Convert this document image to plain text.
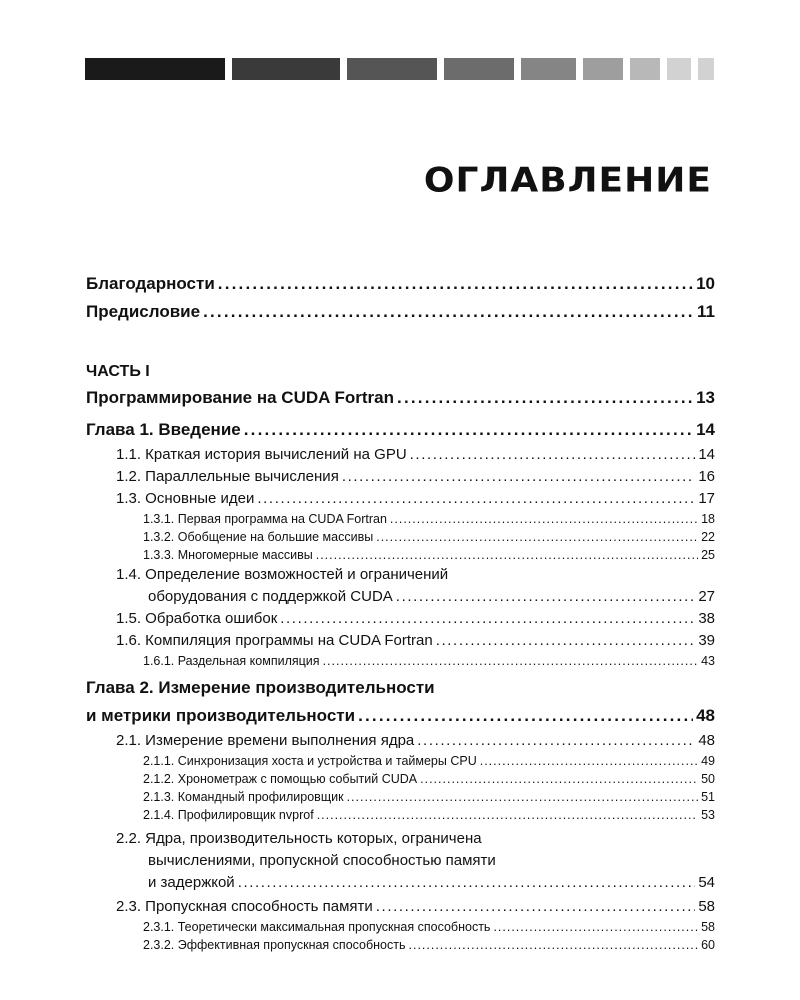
ОГЛАВЛЕНИЕ
Благодарности .....	10
Предисловие .....	11
ЧАСТЬ I
Программирование на CUDA Fortran .....	13
Глава 1. Введение .....	14
1.1. Краткая история вычислений на GPU .....	14
1.2. Параллельные вычисления .....	16
1.3. Основные идеи .....	17
1.3.1. Первая программа на CUDA Fortran .....	18
1.3.2. Обобщение на большие массивы .....	22
1.3.3. Многомерные массивы .....	25
1.4. Определение возможностей и ограничений
оборудования с поддержкой CUDA .....	27
1.5. Обработка ошибок .....	38
1.6. Компиляция программы на CUDA Fortran .....	39
1.6.1. Раздельная компиляция .....	43
Глава 2. Измерение производительности
и метрики производительности .....	48
2.1. Измерение времени выполнения ядра .....	48
2.1.1. Синхронизация хоста и устройства и таймеры CPU .....	49
2.1.2. Хронометраж с помощью событий CUDA .....	50
2.1.3. Командный профилировщик .....	51
2.1.4. Профилировщик nvprof .....	53
2.2. Ядра, производительность которых, ограничена
вычислениями, пропускной способностью памяти
и задержкой .....	54
2.3. Пропускная способность памяти .....	58
2.3.1. Теоретически максимальная пропускная способность .....	58
2.3.2. Эффективная пропускная способность .....	60
